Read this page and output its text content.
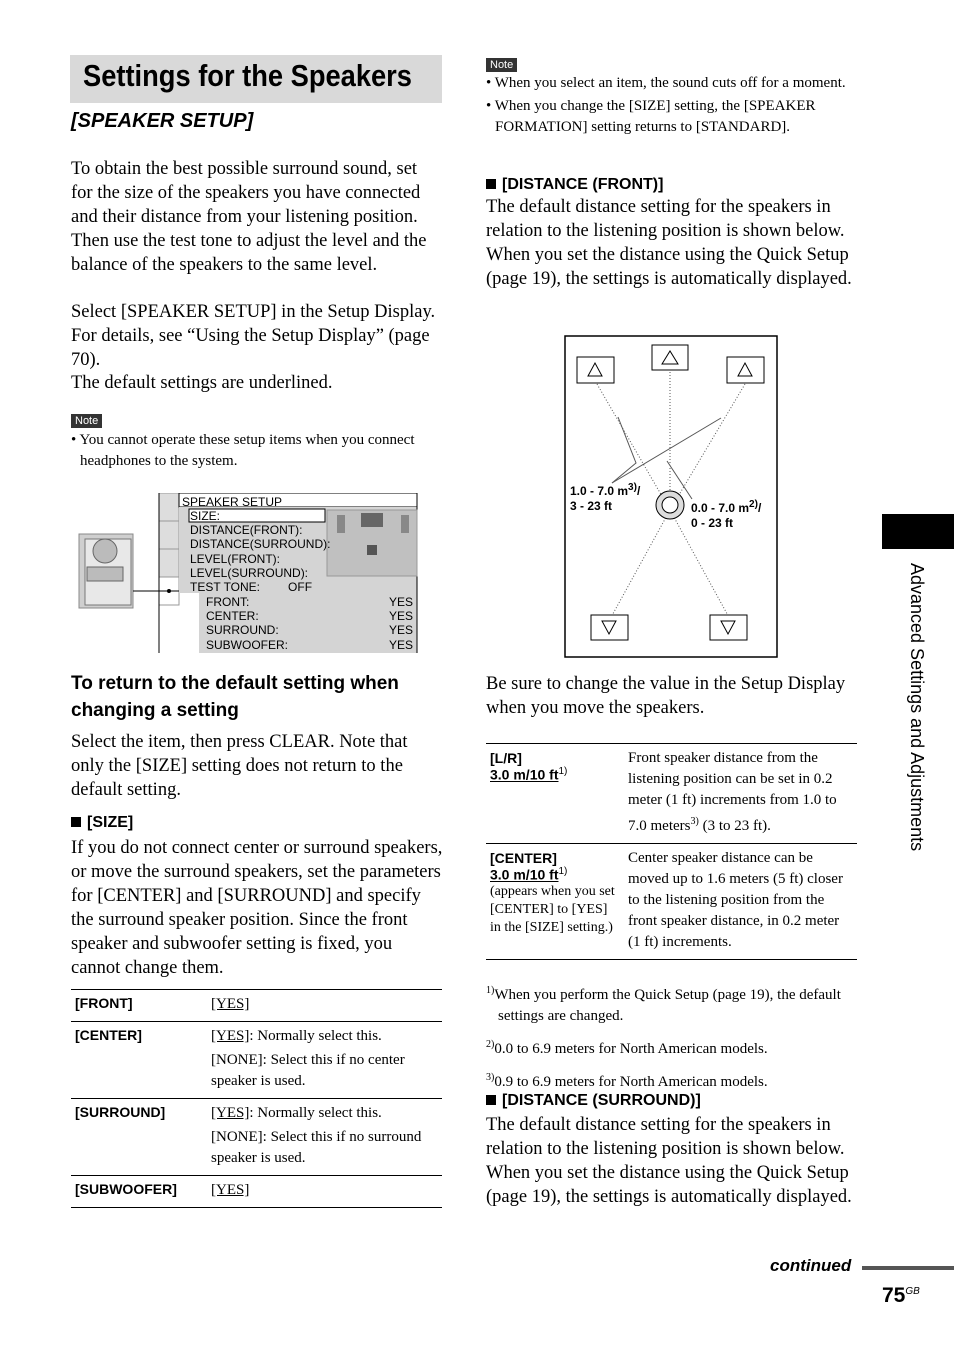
Settings for the Speakers
[SPEAKER SETUP]
To obtain the best possible surround sound, set for the size of the speakers you have connected and their distance from your listening position. Then use the test tone to adjust the level and the balance of the speakers to the same level.
Select [SPEAKER SETUP] in the Setup Display. For details, see “Using the Setup Display” (page 70).
The default settings are underlined.
Note
• You cannot operate these setup items when you connect headphones to the system.
SPEAKER SETUP
SIZE:
DISTANCE(FRONT):
DISTANCE(SURROUND):
LEVEL(FRONT):
LEVEL(SURROUND):
TEST TONE: OFF
FRONT:	YES
CENTER:	YES
SURROUND:	YES
SUBWOOFER:	YES
To return to the default setting when changing a setting
Select the item, then press CLEAR. Note that only the [SIZE] setting does not return to the default setting.
[SIZE]
If you do not connect center or surround speakers, or move the surround speakers, set the parameters for [CENTER] and [SURROUND] and specify the surround speaker position. Since the front speaker and subwoofer setting is fixed, you cannot change them.
[FRONT]	[YES]
[CENTER]	[YES]: Normally select this.
[NONE]: Select this if no center speaker is used.

[SURROUND]	[YES]: Normally select this.
[NONE]: Select this if no surround speaker is used.

[SUBWOOFER]	[YES]
Note
• When you select an item, the sound cuts off for a moment.
• When you change the [SIZE] setting, the [SPEAKER FORMATION] setting returns to [STANDARD].
[DISTANCE (FRONT)]
The default distance setting for the speakers in relation to the listening position is shown below. When you set the distance using the Quick Setup (page 19), the settings is automatically displayed.
1.0 - 7.0 $m^{3)}/$
3 - 23 ft	0.0 - 7.0 $m^{2)}/$
0 - 23 ft
Be sure to change the value in the Setup Display when you move the speakers.
[L/R]
3.0 m/10 $ft^{1)}$	Front speaker distance from the listening position can be set in 0.2 meter (1 ft) increments from 1.0 to 7.0 meters$^{3)}$ (3 to 23 ft).

[CENTER]
3.0 m/10 $ft^{1)}$
(appears when you set [CENTER] to [YES] in the [SIZE] setting.)	Center speaker distance can be moved up to 1.6 meters (5 ft) closer to the listening position from the front speaker distance, in 0.2 meter (1 ft) increments.
$^{1)}$When you perform the Quick Setup (page 19), the default settings are changed.
$^{2)}$0.0 to 6.9 meters for North American models.
$^{3)}$0.9 to 6.9 meters for North American models.
[DISTANCE (SURROUND)]
The default distance setting for the speakers in relation to the listening position is shown below. When you set the distance using the Quick Setup (page 19), the settings is automatically displayed.
Advanced Settings and Adjustments
continued
$75^{GB}$
